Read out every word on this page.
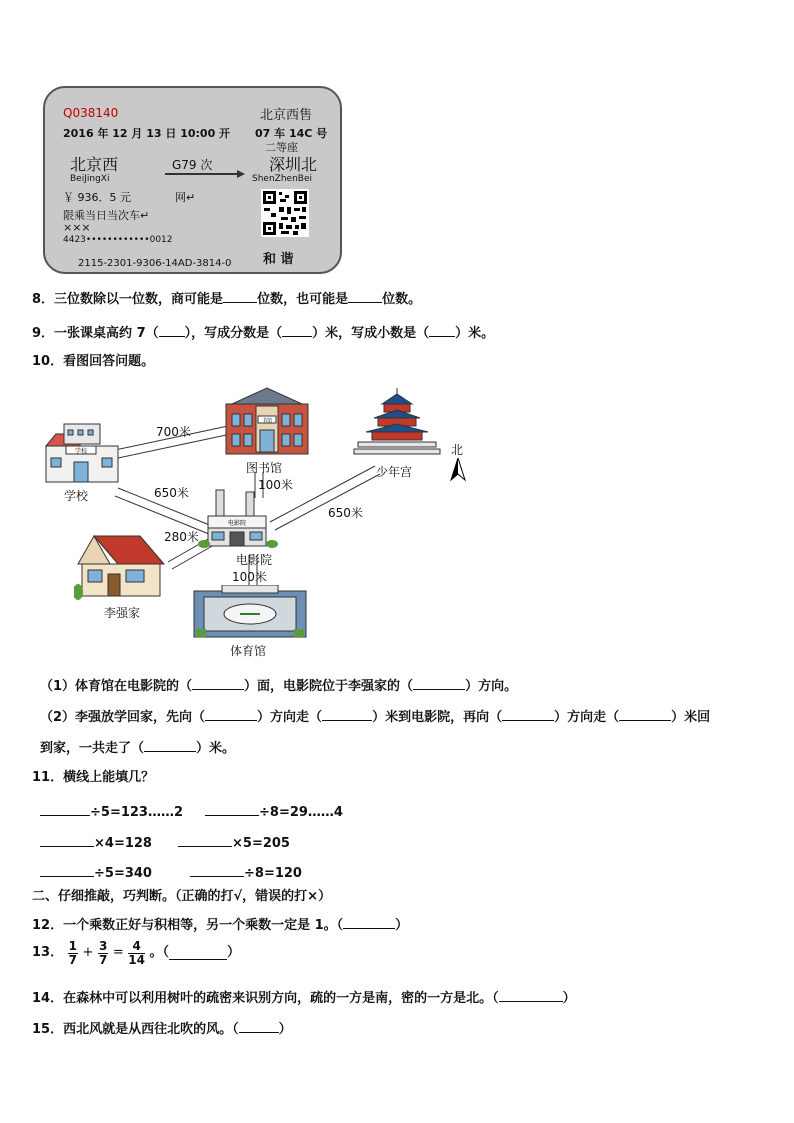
Q038140	北京西售
2016 年 12 月 13 日 10:00 开 07 车 14C 号
二等座
北京西	G79 次	深圳北
BeiJingXi	ShenZhenBei
￥ 936．5 元	网↵
限乘当日当次车↵
×××
4423••••••••••••0012
2115-2301-9306-14AD-3814-0 和 谐
8．三位数除以一位数，商可能是	位数，也可能是	位数。
9．一张课桌高约 7（ ），写成分数是（ ）米，写成小数是（ ）米。
10．看图回答问题。
学校
学校
书馆
图书馆	少年宫
北
电影院
电影院
李强家
体育馆
700米
100米
650米
650米
280米
100米
（1）体育馆在电影院的（	）面，电影院位于李强家的（	）方向。
（2）李强放学回家，先向（	）方向走（	）米到电影院，再向（	）方向走（	）米回
到家，一共走了（	）米。
11．横线上能填几？
÷5=123……2	÷8=29……4
×4=128	×5=205
÷5=340	÷8=120
二、仔细推敲，巧判断。（正确的打√，错误的打×）
12．一个乘数正好与积相等，另一个乘数一定是 1。（	）
13． $\frac{1}{7} + \frac{3}{7} = \frac{4}{14}$ 。（	）
14．在森林中可以利用树叶的疏密来识别方向，疏的一方是南，密的一方是北。（	）
15．西北风就是从西往北吹的风。（	）
